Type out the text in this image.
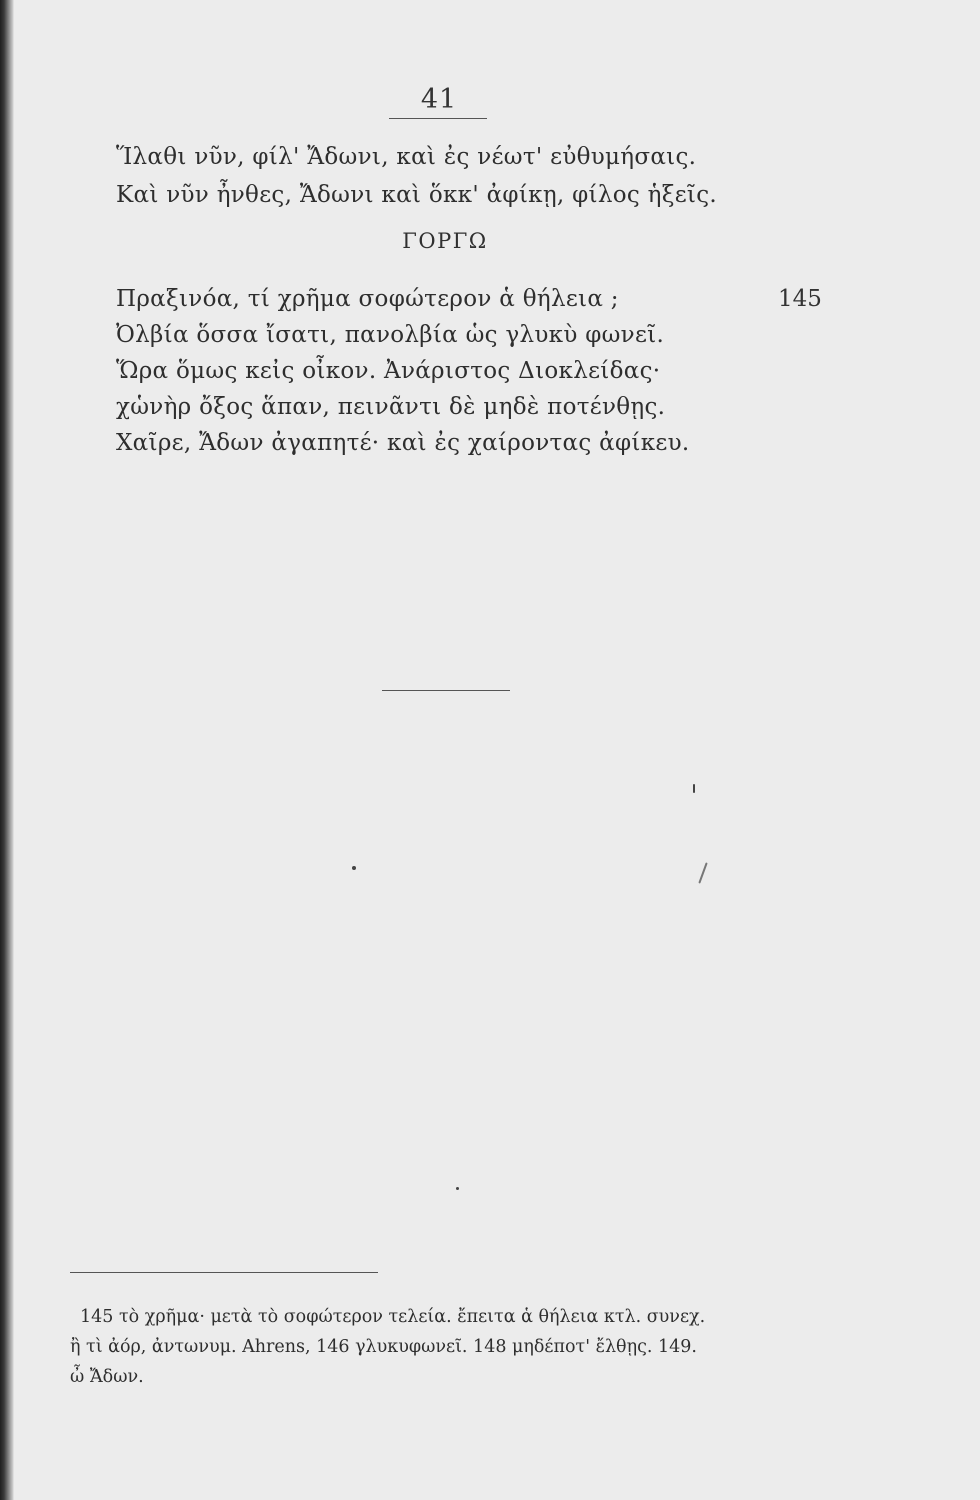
41
Ἵλαθι νῦν, φίλ' Ἄδωνι, καὶ ἐς νέωτ' εὐθυμήσαις.
Καὶ νῦν ἦνθες, Ἄδωνι καὶ ὅκκ' ἀφίκῃ, φίλος ἡξεῖς.
ΓΟΡΓΩ
Πραξινόα, τί χρῆμα σοφώτερον ἁ θήλεια ;	145
Ὀλβία ὅσσα ἴσατι, πανολβία ὡς γλυκὺ φωνεῖ.
Ὥρα ὅμως κεἰς οἶκον. Ἀνάριστος Διοκλείδας·
χὡνὴρ ὄξος ἅπαν, πεινᾶντι δὲ μηδὲ ποτένθῃς.
Χαῖρε, Ἄδων ἀγαπητέ· καὶ ἐς χαίροντας ἀφίκευ.
145 τὸ χρῆμα· μετὰ τὸ σοφώτερον τελεία. ἔπειτα ἁ θήλεια κτλ. συνεχ.
ἢ τὶ ἀόρ, ἀντωνυμ. Ahrens, 146 γλυκυφωνεῖ. 148 μηδέποτ' ἔλθῃς. 149.
ὦ Ἄδων.
